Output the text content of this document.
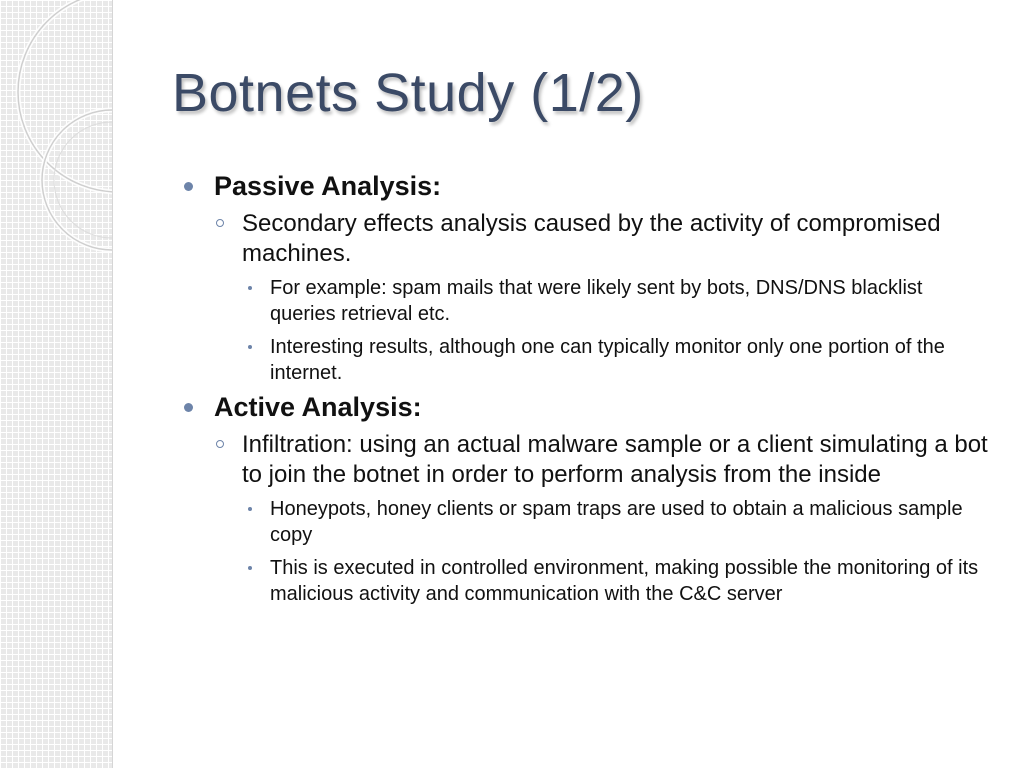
Botnets Study (1/2)
Passive Analysis:
Secondary effects analysis caused by the activity of compromised machines.
For example: spam mails that were likely sent by bots, DNS/DNS blacklist queries retrieval etc.
Interesting results, although one can typically monitor only one portion of the internet.
Active Analysis:
Infiltration: using an actual malware sample or a client simulating a bot to join the botnet in order to perform analysis from the inside
Honeypots, honey clients or spam traps are used to obtain a malicious sample copy
This is executed in controlled environment, making possible the monitoring of its malicious activity and communication with the C&C server
